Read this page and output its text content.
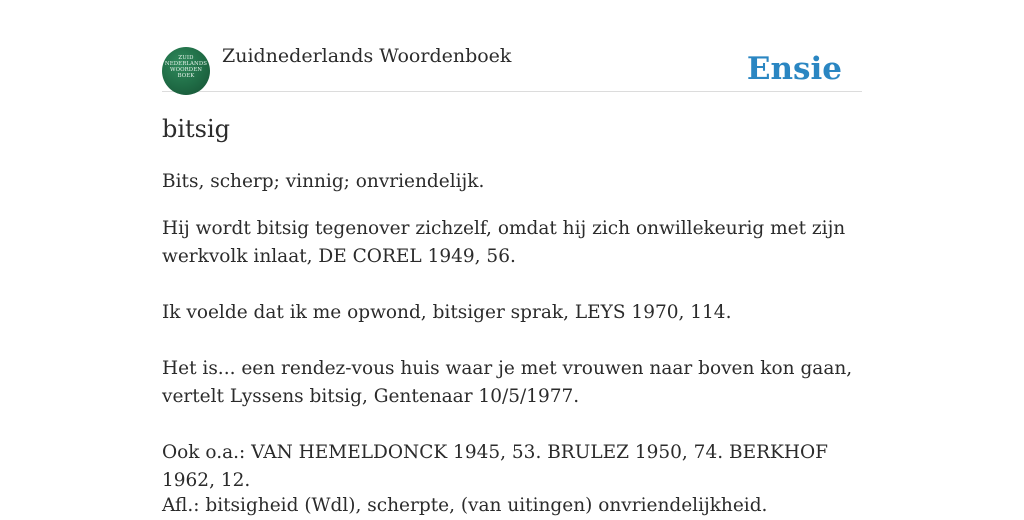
ZUID
NEDERLANDS
WOORDEN
BOEK
Zuidnederlands Woordenboek	Ensie
bitsig

Bits, scherp; vinnig; onvriendelijk.

Hij wordt bitsig tegenover zichzelf, omdat hij zich onwillekeurig met zijn werkvolk inlaat, DE COREL 1949, 56.

Ik voelde dat ik me opwond, bitsiger sprak, LEYS 1970, 114.

Het is... een rendez-vous huis waar je met vrouwen naar boven kon gaan, vertelt Lyssens bitsig, Gentenaar 10/5/1977.

Ook o.a.: VAN HEMELDONCK 1945, 53. BRULEZ 1950, 74. BERKHOF 1962, 12.

Afl.: bitsigheid (Wdl), scherpte, (van uitingen) onvriendelijkheid.
